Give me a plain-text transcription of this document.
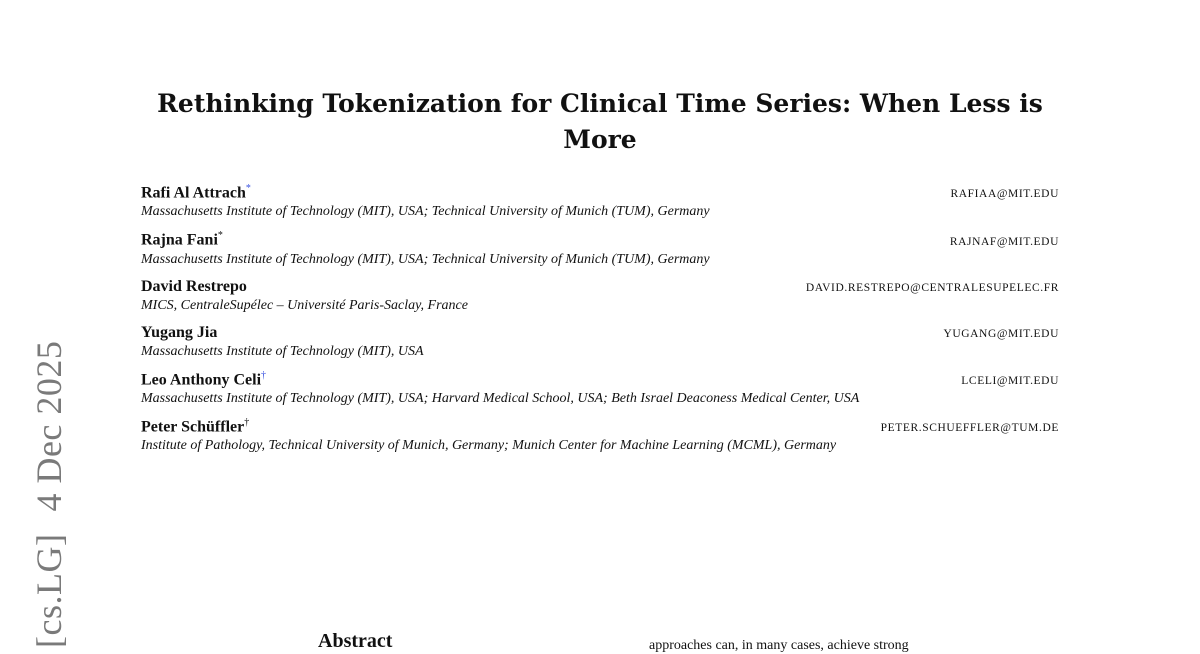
[cs.LG]4 Dec 2025
Rethinking Tokenization for Clinical Time Series: When Less is More
Rafi Al Attrach*	RAFIAA@MIT.EDU
Massachusetts Institute of Technology (MIT), USA; Technical University of Munich (TUM), Germany
Rajna Fani*	RAJNAF@MIT.EDU
Massachusetts Institute of Technology (MIT), USA; Technical University of Munich (TUM), Germany
David Restrepo	DAVID.RESTREPO@CENTRALESUPELEC.FR
MICS, CentraleSupélec – Université Paris-Saclay, France
Yugang Jia	YUGANG@MIT.EDU
Massachusetts Institute of Technology (MIT), USA
Leo Anthony Celi†	LCELI@MIT.EDU
Massachusetts Institute of Technology (MIT), USA; Harvard Medical School, USA; Beth Israel Deaconess Medical Center, USA
Peter Schüffler†	PETER.SCHUEFFLER@TUM.DE
Institute of Pathology, Technical University of Munich, Germany; Munich Center for Machine Learning (MCML), Germany
Abstract	approaches can, in many cases, achieve strong
